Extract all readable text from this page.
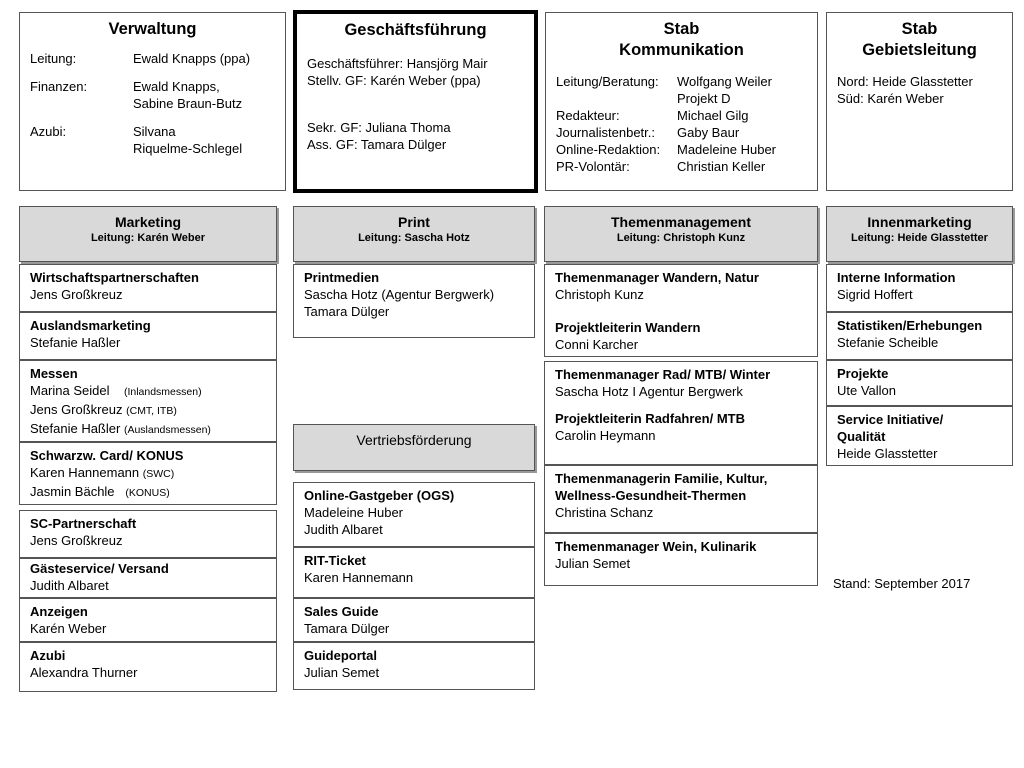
Verwaltung
Leitung:	Ewald Knapps (ppa)
Finanzen:	Ewald Knapps,
Sabine Braun-Butz
Azubi:	Silvana
Riquelme-Schlegel
Geschäftsführung
Geschäftsführer: Hansjörg Mair
Stellv. GF: Karén Weber (ppa)
Sekr. GF: Juliana Thoma
Ass. GF: Tamara Dülger
Stab
Kommunikation
Leitung/Beratung:	Wolfgang Weiler
Projekt D
Redakteur:	Michael Gilg
Journalistenbetr.:	Gaby Baur
Online-Redaktion:	Madeleine Huber
PR-Volontär:	Christian Keller
Stab
Gebietsleitung
Nord: Heide Glasstetter
Süd: Karén Weber
Marketing
Leitung: Karén Weber
Print
Leitung: Sascha Hotz
Themenmanagement
Leitung: Christoph Kunz
Innenmarketing
Leitung: Heide Glasstetter
Vertriebsförderung
Wirtschaftspartnerschaften
Jens Großkreuz
Auslandsmarketing
Stefanie Haßler
Messen
Marina Seidel (Inlandsmessen)
Jens Großkreuz (CMT, ITB)
Stefanie Haßler (Auslandsmessen)
Schwarzw. Card/ KONUS
Karen Hannemann (SWC)
Jasmin Bächle (KONUS)
SC-Partnerschaft
Jens Großkreuz
Gästeservice/ Versand
Judith Albaret
Anzeigen
Karén Weber
Azubi
Alexandra Thurner
Printmedien
Sascha Hotz (Agentur Bergwerk)
Tamara Dülger
Online-Gastgeber (OGS)
Madeleine Huber
Judith Albaret
RIT-Ticket
Karen Hannemann
Sales Guide
Tamara Dülger
Guideportal
Julian Semet
Themenmanager Wandern, Natur
Christoph Kunz
Projektleiterin Wandern
Conni Karcher
Themenmanager Rad/ MTB/ Winter
Sascha Hotz I Agentur Bergwerk
Projektleiterin Radfahren/ MTB
Carolin Heymann
Themenmanagerin Familie, Kultur,
Wellness-Gesundheit-Thermen
Christina Schanz
Themenmanager Wein, Kulinarik
Julian Semet
Interne Information
Sigrid Hoffert
Statistiken/Erhebungen
Stefanie Scheible
Projekte
Ute Vallon
Service Initiative/
Qualität
Heide Glasstetter
Stand: September 2017
